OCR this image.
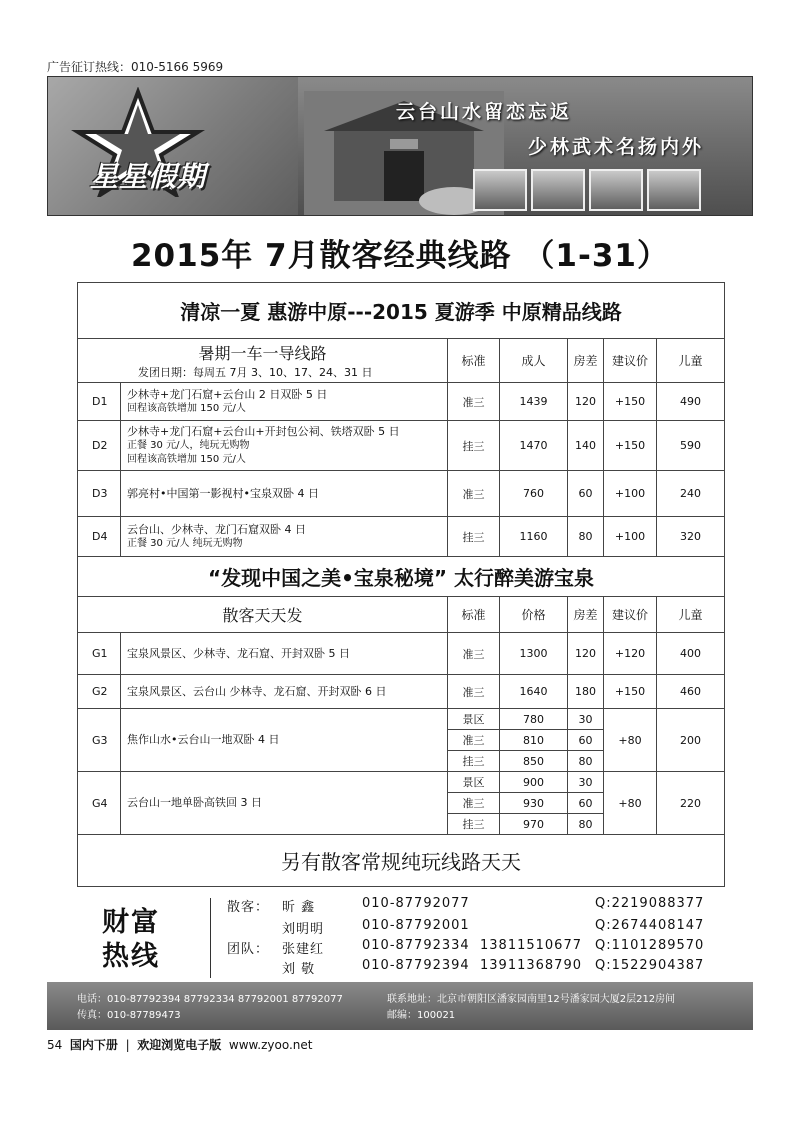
广告征订热线：010-5166 5969
云台山水留恋忘返
少林武术名扬内外
星星假期
2015年 7月散客经典线路 （1-31）
清凉一夏 惠游中原---2015 夏游季 中原精品线路						

暑期一车一导线路
发团日期：每周五 7月 3、10、17、24、31 日		标准	成人	房差	建议价	儿童
D1	少林寺+龙门石窟+云台山 2 日双卧 5 日
回程该高铁增加 150 元/人	准三	1439	120	+150	490
D2	少林寺+龙门石窟+云台山+开封包公祠、铁塔双卧 5 日
正餐 30 元/人，纯玩无购物
回程该高铁增加 150 元/人	挂三	1470	140	+150	590
D3	郭亮村•中国第一影视村•宝泉双卧 4 日	准三	760	60	+100	240
D4	云台山、少林寺、龙门石窟双卧 4 日
正餐 30 元/人 纯玩无购物	挂三	1160	80	+100	320
“发现中国之美•宝泉秘境” 太行醉美游宝泉						
散客天天发		标准	价格	房差	建议价	儿童
G1	宝泉风景区、少林寺、龙石窟、开封双卧 5 日	准三	1300	120	+120	400
G2	宝泉风景区、云台山 少林寺、龙石窟、开封双卧 6 日	准三	1640	180	+150	460
G3	焦作山水•云台山一地双卧 4 日	景区	780	30	+80	200
		准三	810	60		
		挂三	850	80		
G4	云台山一地单卧高铁回 3 日	景区	900	30	+80	220
		准三	930	60		
		挂三	970	80		
另有散客常规纯玩线路天天						
财富
热线
散客： 昕 鑫	010-87792077	Q:2219088377
刘明明	010-87792001	Q:2674408147
团队： 张建红	010-87792334 13811510677 Q:1101289570
刘 敬	010-87792394 13911368790 Q:1522904387
电话：010-87792394 87792334 87792001 87792077
传真：010-87789473
联系地址：北京市朝阳区潘家园南里12号潘家园大厦2层212房间
邮编：100021
54 国内下册 | 欢迎浏览电子版 www.zyoo.net
